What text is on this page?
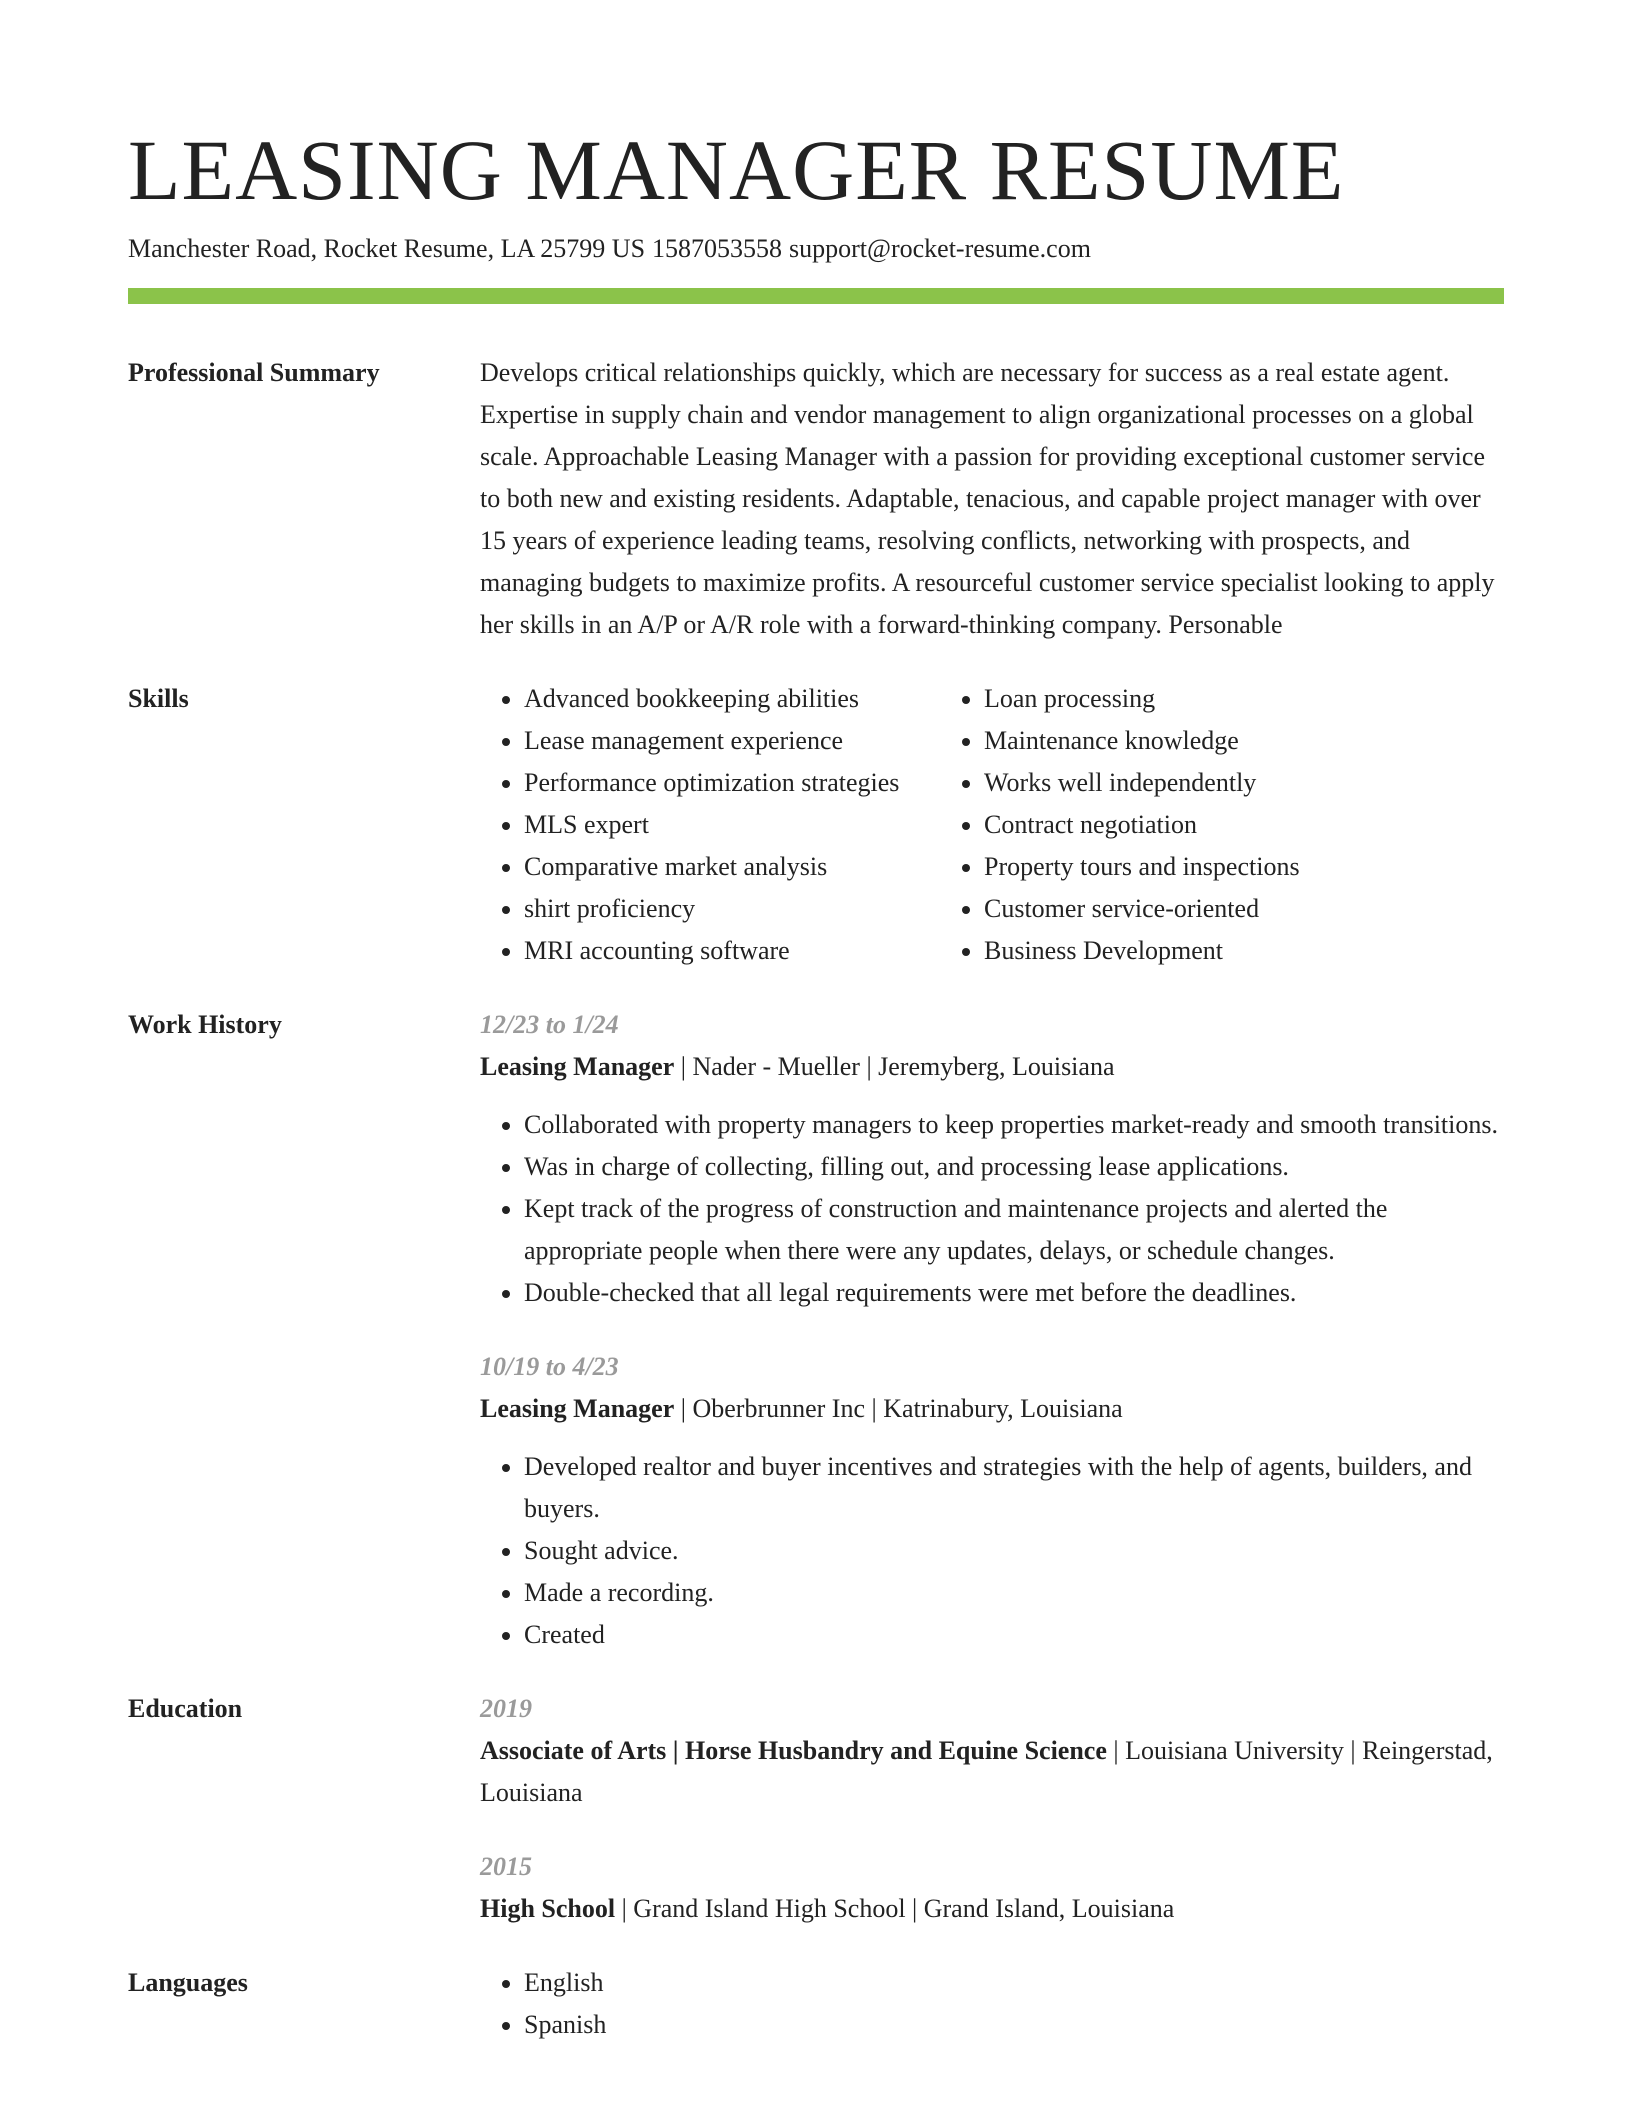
LEASING MANAGER RESUME
Manchester Road, Rocket Resume, LA 25799 US 1587053558 support@rocket-resume.com
Professional Summary	Develops critical relationships quickly, which are necessary for success as a real estate agent. Expertise in supply chain and vendor management to align organizational processes on a global scale. Approachable Leasing Manager with a passion for providing exceptional customer service to both new and existing residents. Adaptable, tenacious, and capable project manager with over 15 years of experience leading teams, resolving conflicts, networking with prospects, and managing budgets to maximize profits. A resourceful customer service specialist looking to apply her skills in an A/P or A/R role with a forward-thinking company. Personable

Skills	• Advanced bookkeeping abilities
• Lease management experience
• Performance optimization strategies
• MLS expert
• Comparative market analysis
• shirt proficiency
• MRI accounting software
• Loan processing
• Maintenance knowledge
• Works well independently
• Contract negotiation
• Property tours and inspections
• Customer service-oriented
• Business Development
Work History	12/23 to 1/24
Leasing Manager | Nader - Mueller | Jeremyberg, Louisiana
• Collaborated with property managers to keep properties market-ready and smooth transitions.
• Was in charge of collecting, filling out, and processing lease applications.
• Kept track of the progress of construction and maintenance projects and alerted the appropriate people when there were any updates, delays, or schedule changes.
• Double-checked that all legal requirements were met before the deadlines.
10/19 to 4/23
Leasing Manager | Oberbrunner Inc | Katrinabury, Louisiana
• Developed realtor and buyer incentives and strategies with the help of agents, builders, and buyers.
• Sought advice.
• Made a recording.
• Created
Education	2019
Associate of Arts | Horse Husbandry and Equine Science | Louisiana University | Reingerstad, Louisiana
2015
High School | Grand Island High School | Grand Island, Louisiana
Languages	• English
• Spanish
